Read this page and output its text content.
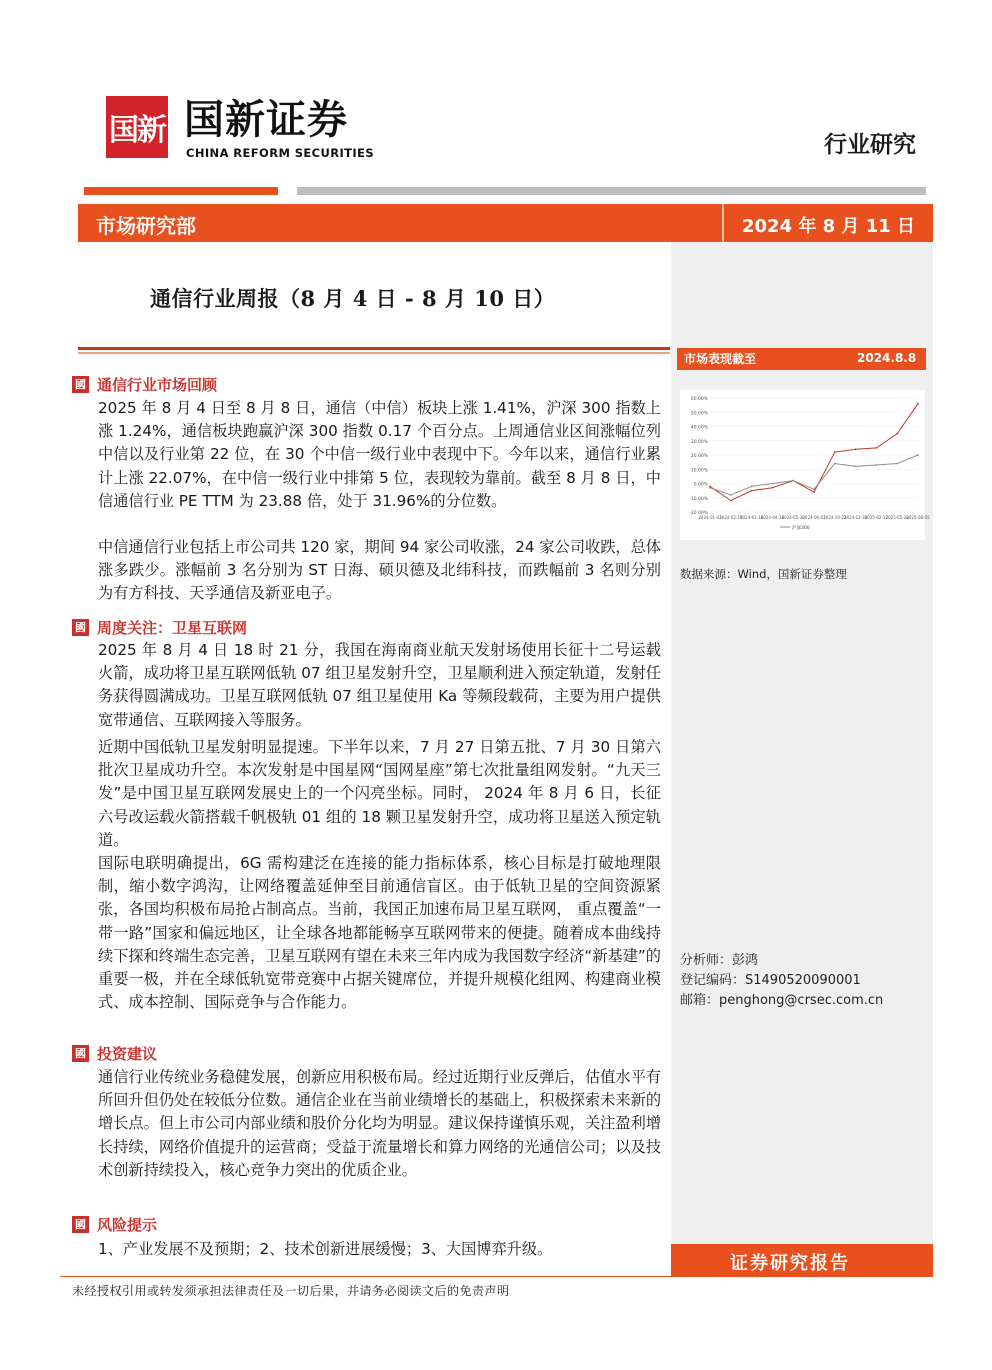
国新 国新证券
CHINA REFORM SECURITIES	行业研究
市场研究部	2024 年 8 月 11 日
通信行业周报（8 月 4 日 - 8 月 10 日）
國 通信行业市场回顾
2025 年 8 月 4 日至 8 月 8 日，通信（中信）板块上涨 1.41%，沪深 300 指数上涨 1.24%，通信板块跑赢沪深 300 指数 0.17 个百分点。上周通信业区间涨幅位列中信以及行业第 22 位，在 30 个中信一级行业中表现中下。今年以来，通信行业累计上涨 22.07%，在中信一级行业中排第 5 位，表现较为靠前。截至 8 月 8 日，中信通信行业 PE TTM 为 23.88 倍，处于 31.96%的分位数。
中信通信行业包括上市公司共 120 家，期间 94 家公司收涨，24 家公司收跌，总体涨多跌少。涨幅前 3 名分别为 ST 日海、硕贝德及北纬科技，而跌幅前 3 名则分别为有方科技、天孚通信及新亚电子。
國 周度关注：卫星互联网
2025 年 8 月 4 日 18 时 21 分，我国在海南商业航天发射场使用长征十二号运载火箭，成功将卫星互联网低轨 07 组卫星发射升空，卫星顺利进入预定轨道，发射任务获得圆满成功。卫星互联网低轨 07 组卫星使用 Ka 等频段载荷，主要为用户提供宽带通信、互联网接入等服务。
近期中国低轨卫星发射明显提速。下半年以来，7 月 27 日第五批、7 月 30 日第六批次卫星成功升空。本次发射是中国星网“国网星座”第七次批量组网发射。“九天三发”是中国卫星互联网发展史上的一个闪亮坐标。同时， 2024 年 8 月 6 日，长征六号改运载火箭搭载千帆极轨 01 组的 18 颗卫星发射升空，成功将卫星送入预定轨道。
国际电联明确提出，6G 需构建泛在连接的能力指标体系，核心目标是打破地理限制，缩小数字鸿沟，让网络覆盖延伸至目前通信盲区。由于低轨卫星的空间资源紧张，各国均积极布局抢占制高点。当前，我国正加速布局卫星互联网， 重点覆盖“一带一路”国家和偏远地区，让全球各地都能畅享互联网带来的便捷。随着成本曲线持续下探和终端生态完善，卫星互联网有望在未来三年内成为我国数字经济“新基建”的重要一极，并在全球低轨宽带竞赛中占据关键席位，并提升规模化组网、构建商业模式、成本控制、国际竞争与合作能力。
國 投资建议
通信行业传统业务稳健发展，创新应用积极布局。经过近期行业反弹后，估值水平有所回升但仍处在较低分位数。通信企业在当前业绩增长的基础上，积极探索未来新的增长点。但上市公司内部业绩和股价分化均为明显。建议保持谨慎乐观，关注盈利增长持续，网络价值提升的运营商；受益于流量增长和算力网络的光通信公司；以及技术创新持续投入，核心竞争力突出的优质企业。
國 风险提示
1、产业发展不及预期；2、技术创新进展缓慢；3、大国博弈升级。
市场表现截至	2024.8.8
60.00%
50.00%
40.00%
30.00%
20.00%
10.00%
0.00%
-10.00%
-20.00%
2024-01-03
2024-02-19
2024-03-18
2024-04-16
2024-05-30
2024-06-07
2024-10-23
2024-12-30
2025-02-17
2025-05-28
2025-08-05
沪深300
数据来源：Wind，国新证券整理
分析师：彭鸿
登记编码：S1490520090001
邮箱：penghong@crsec.com.cn
证券研究报告
未经授权引用或转发须承担法律责任及一切后果，并请务必阅读文后的免责声明
